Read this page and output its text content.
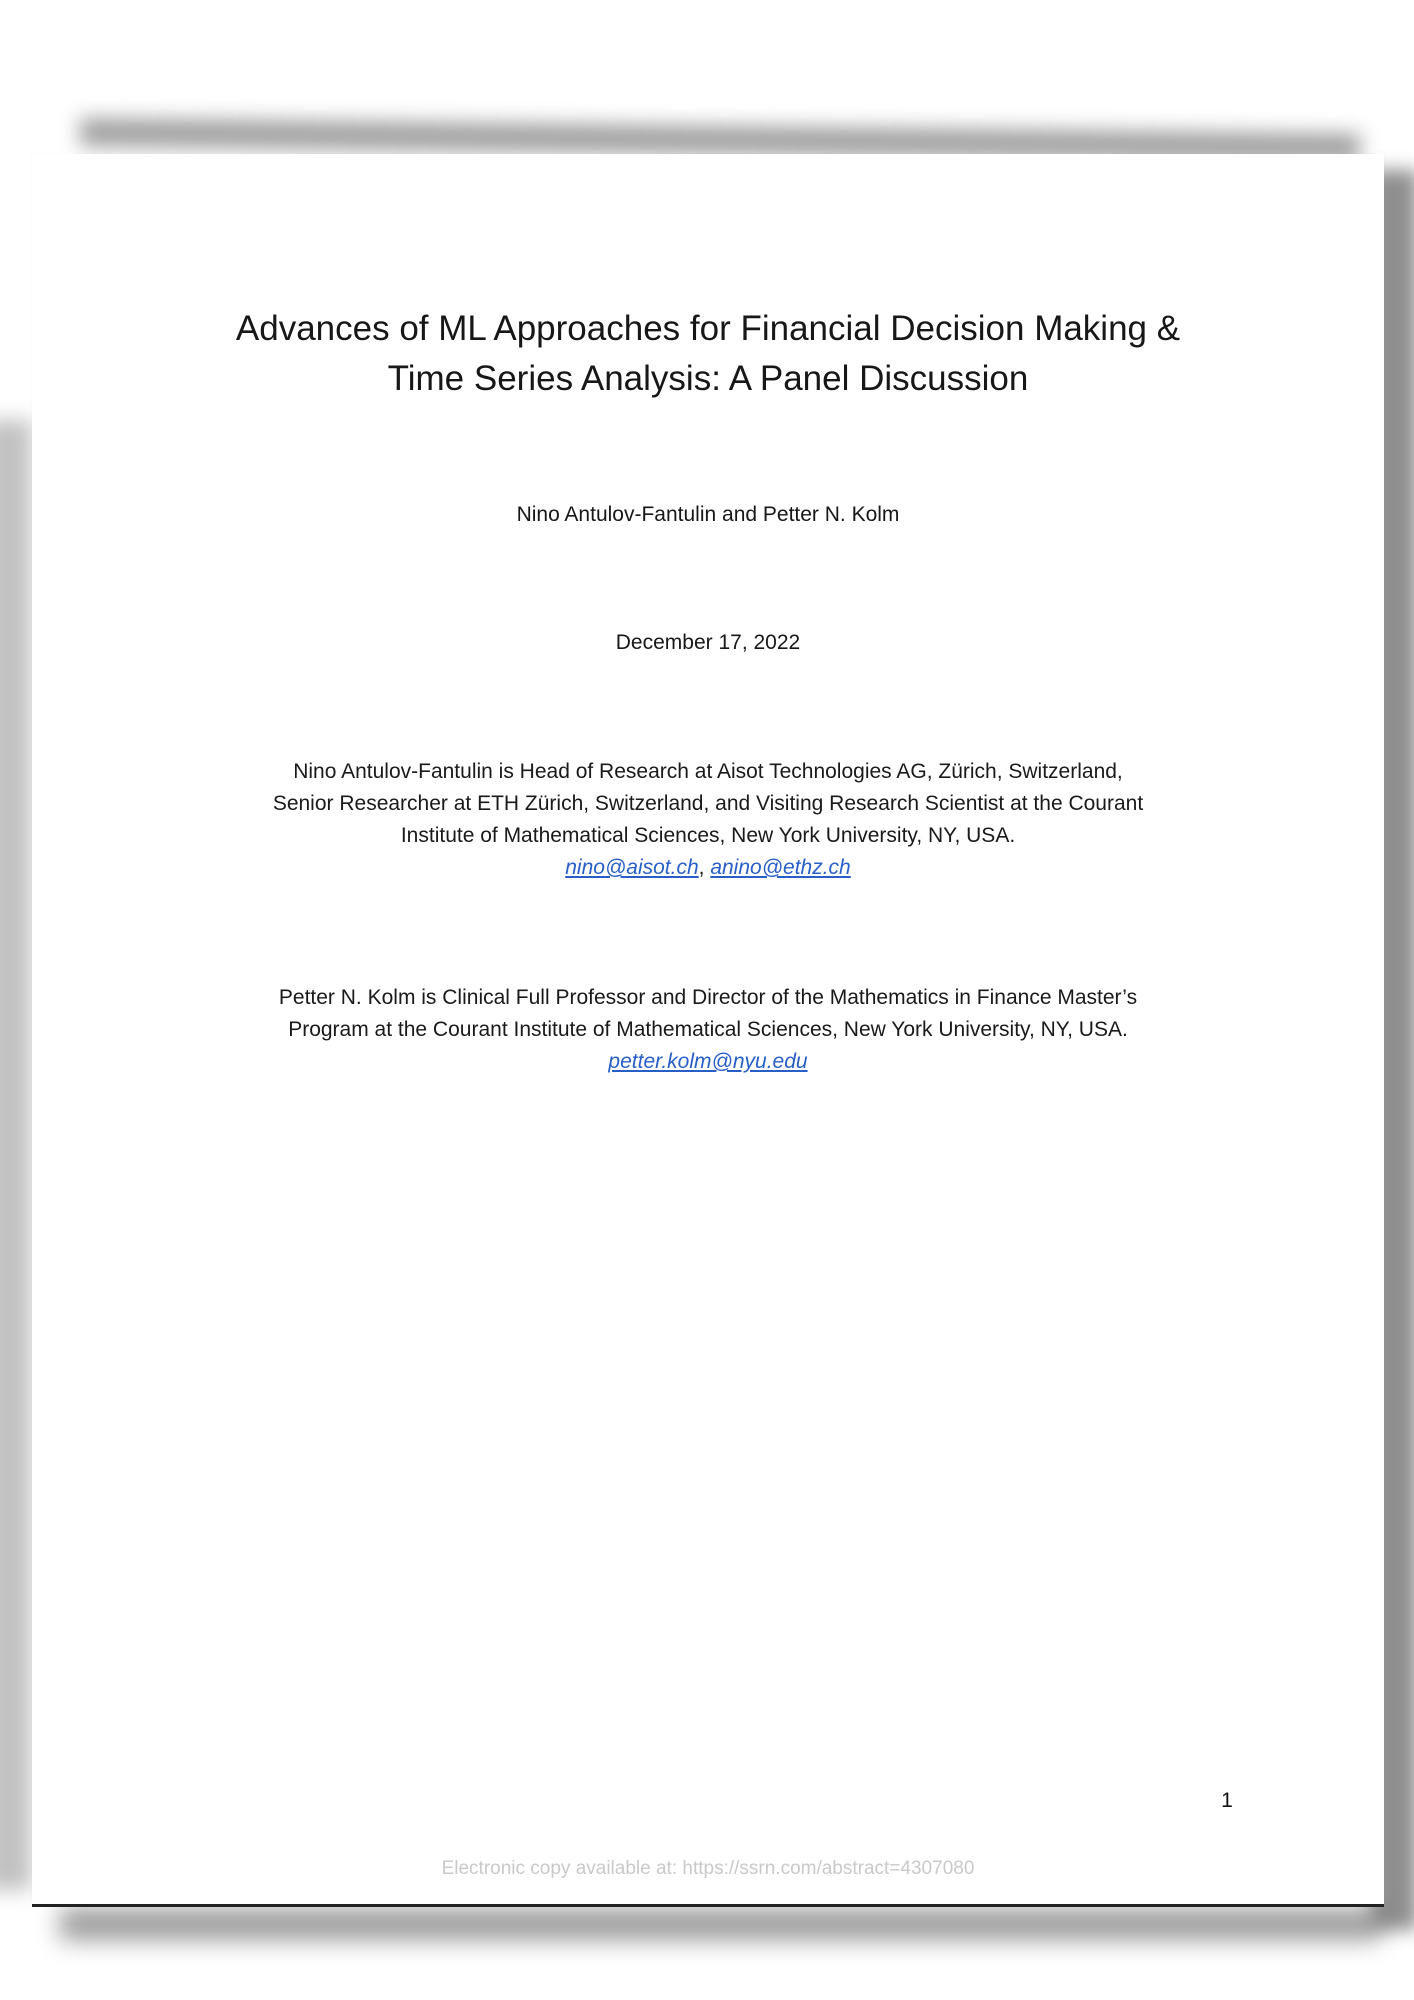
Advances of ML Approaches for Financial Decision Making &
Time Series Analysis: A Panel Discussion
Nino Antulov-Fantulin and Petter N. Kolm
December 17, 2022
Nino Antulov-Fantulin is Head of Research at Aisot Technologies AG, Zürich, Switzerland,
Senior Researcher at ETH Zürich, Switzerland, and Visiting Research Scientist at the Courant
Institute of Mathematical Sciences, New York University, NY, USA.
nino@aisot.ch, anino@ethz.ch
Petter N. Kolm is Clinical Full Professor and Director of the Mathematics in Finance Master’s
Program at the Courant Institute of Mathematical Sciences, New York University, NY, USA.
petter.kolm@nyu.edu
1
Electronic copy available at: https://ssrn.com/abstract=4307080
